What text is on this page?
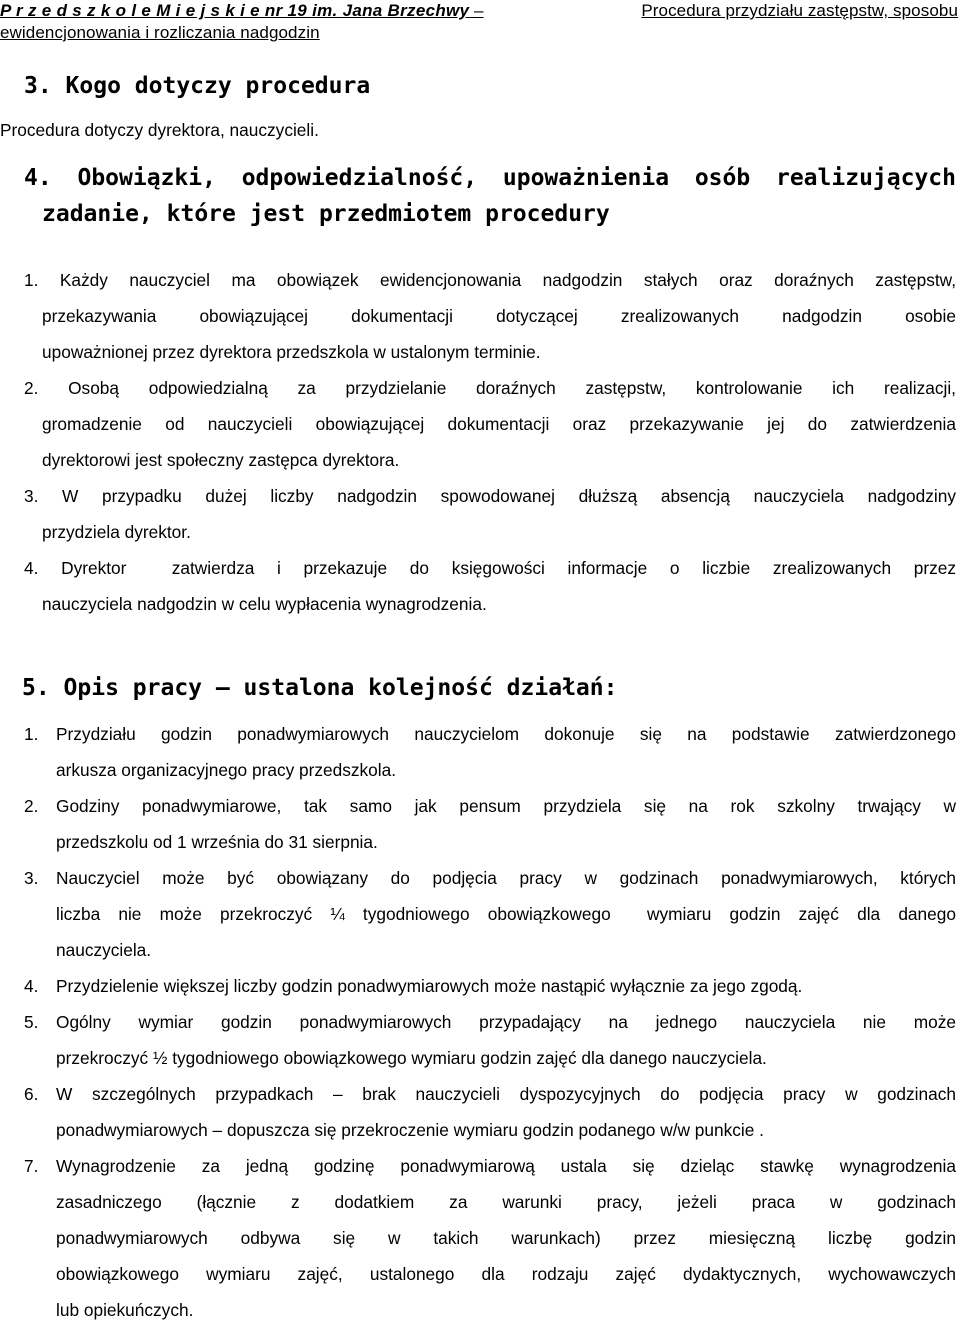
P r z e d s z k o l e M i e j s k i e nr 19 im. Jana Brzechwy –	Procedura przydziału zastępstw, sposobu
ewidencjonowania i rozliczania nadgodzin
3. Kogo dotyczy procedura
Procedura dotyczy dyrektora, nauczycieli.
4. Obowiązki, odpowiedzialność, upoważnienia osób realizujących
zadanie, które jest przedmiotem procedury
1. Każdy nauczyciel ma obowiązek ewidencjonowania nadgodzin stałych oraz doraźnych zastępstw,
przekazywania obowiązującej dokumentacji dotyczącej zrealizowanych nadgodzin osobie
upoważnionej przez dyrektora przedszkola w ustalonym terminie.
2. Osobą odpowiedzialną za przydzielanie doraźnych zastępstw, kontrolowanie ich realizacji,
gromadzenie od nauczycieli obowiązującej dokumentacji oraz przekazywanie jej do zatwierdzenia
dyrektorowi jest społeczny zastępca dyrektora.
3. W przypadku dużej liczby nadgodzin spowodowanej dłuższą absencją nauczyciela nadgodziny
przydziela dyrektor.
4. Dyrektor  zatwierdza i przekazuje do księgowości informacje o liczbie zrealizowanych przez
nauczyciela nadgodzin w celu wypłacenia wynagrodzenia.
5. Opis pracy – ustalona kolejność działań:
1. Przydziału godzin ponadwymiarowych nauczycielom dokonuje się na podstawie zatwierdzonego
arkusza organizacyjnego pracy przedszkola.
2. Godziny ponadwymiarowe, tak samo jak pensum przydziela się na rok szkolny trwający w
przedszkolu od 1 września do 31 sierpnia.
3. Nauczyciel może być obowiązany do podjęcia pracy w godzinach ponadwymiarowych, których
liczba nie może przekroczyć ¼ tygodniowego obowiązkowego  wymiaru godzin zajęć dla danego
nauczyciela.
4. Przydzielenie większej liczby godzin ponadwymiarowych może nastąpić wyłącznie za jego zgodą.
5. Ogólny wymiar godzin ponadwymiarowych przypadający na jednego nauczyciela nie może
przekroczyć ½ tygodniowego obowiązkowego wymiaru godzin zajęć dla danego nauczyciela.
6. W szczególnych przypadkach – brak nauczycieli dyspozycyjnych do podjęcia pracy w godzinach
ponadwymiarowych – dopuszcza się przekroczenie wymiaru godzin podanego w/w punkcie .
7. Wynagrodzenie za jedną godzinę ponadwymiarową ustala się dzieląc stawkę wynagrodzenia
zasadniczego (łącznie z dodatkiem za warunki pracy, jeżeli praca w godzinach
ponadwymiarowych odbywa się w takich warunkach) przez miesięczną liczbę godzin
obowiązkowego wymiaru zajęć, ustalonego dla rodzaju zajęć dydaktycznych, wychowawczych
lub opiekuńczych.
